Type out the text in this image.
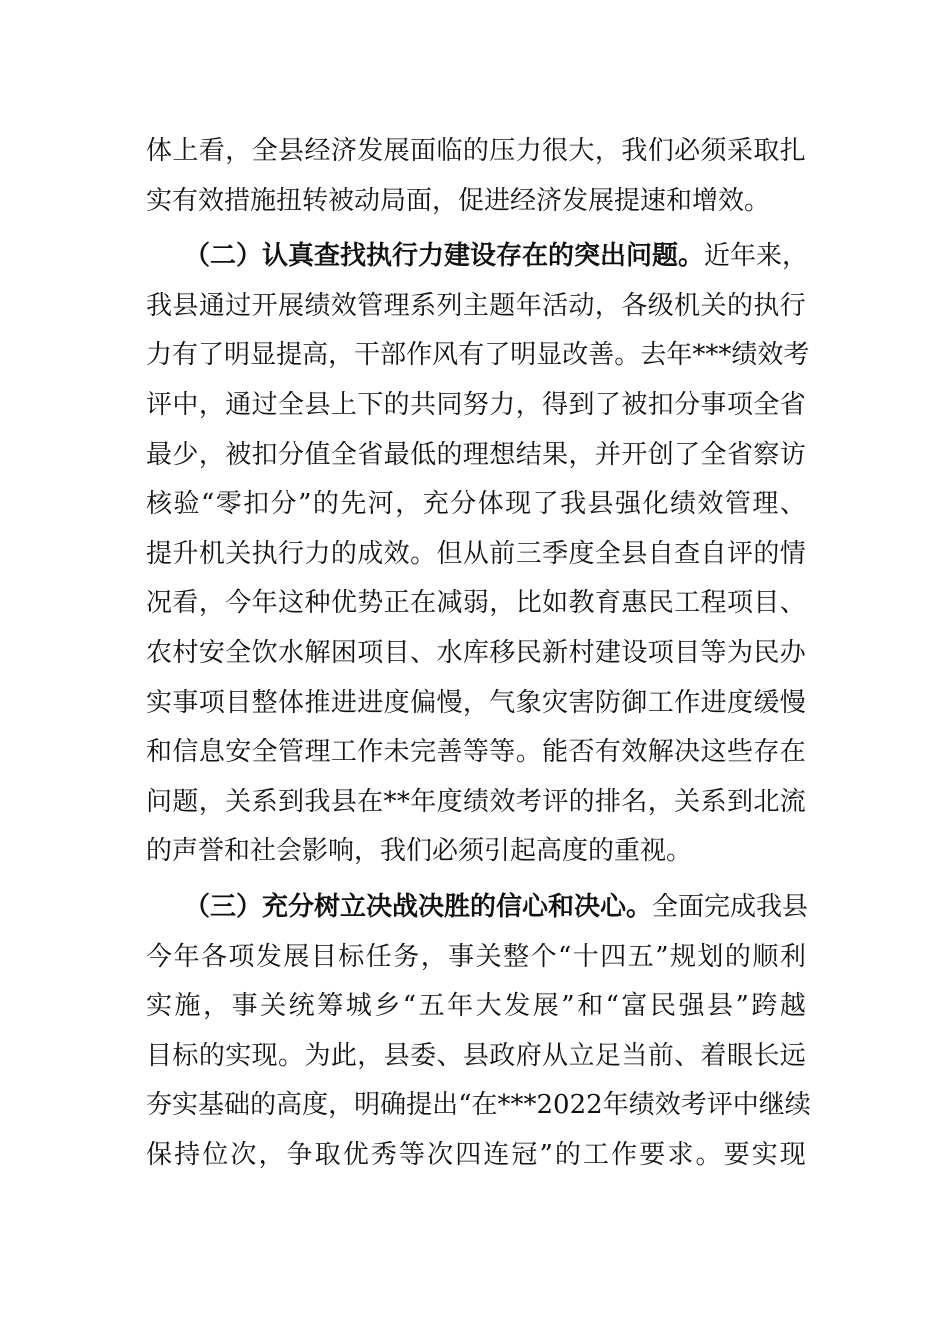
体 上 看 ， 全 县 经 济 发 展 面 临 的 压 力 很 大 ， 我 们 必 须 采 取 扎
实有效措施扭转被动局面，促进经济发展提速和增效。
（二）认真查找执行力建设存在的突出问题。近年来，
我 县 通 过 开 展 绩 效 管 理 系 列 主 题 年 活 动 ， 各 级 机 关 的 执 行
力 有 了 明 显 提 高 ， 干 部 作 风 有 了 明 显 改 善 。 去 年 * * * 绩 效 考
评 中 ， 通 过 全 县 上 下 的 共 同 努 力 ， 得 到 了 被 扣 分 事 项 全 省
最 少 ， 被 扣 分 值 全 省 最 低 的 理 想 结 果 ， 并 开 创 了 全 省 察 访
核 验 “ 零 扣 分 ” 的 先 河 ， 充 分 体 现 了 我 县 强 化 绩 效 管 理 、
提 升 机 关 执 行 力 的 成 效 。 但 从 前 三 季 度 全 县 自 查 自 评 的 情
况 看 ， 今 年 这 种 优 势 正 在 减 弱 ， 比 如 教 育 惠 民 工 程 项 目 、
农 村 安 全 饮 水 解 困 项 目 、 水 库 移 民 新 村 建 设 项 目 等 为 民 办
实 事 项 目 整 体 推 进 进 度 偏 慢 ， 气 象 灾 害 防 御 工 作 进 度 缓 慢
和 信 息 安 全 管 理 工 作 未 完 善 等 等 。 能 否 有 效 解 决 这 些 存 在
问 题 ， 关 系 到 我 县 在 * * 年 度 绩 效 考 评 的 排 名 ， 关 系 到 北 流
的声誉和社会影响，我们必须引起高度的重视。
（三）充分树立决战决胜的信心和决心。全面完成我县
今 年 各 项 发 展 目 标 任 务 ， 事 关 整 个 “ 十 四 五 ” 规 划 的 顺 利
实 施 ， 事 关 统 筹 城 乡 “ 五 年 大 发 展 ” 和 “ 富 民 强 县 ” 跨 越
目 标 的 实 现 。 为 此 ， 县 委 、 县 政 府 从 立 足 当 前 、 着 眼 长 远
夯 实 基 础 的 高 度 ， 明 确 提 出 “ 在 * * * 2 0 2 2 年 绩 效 考 评 中 继 续
保 持 位 次 ， 争 取 优 秀 等 次 四 连 冠 ” 的 工 作 要 求 。 要 实 现
